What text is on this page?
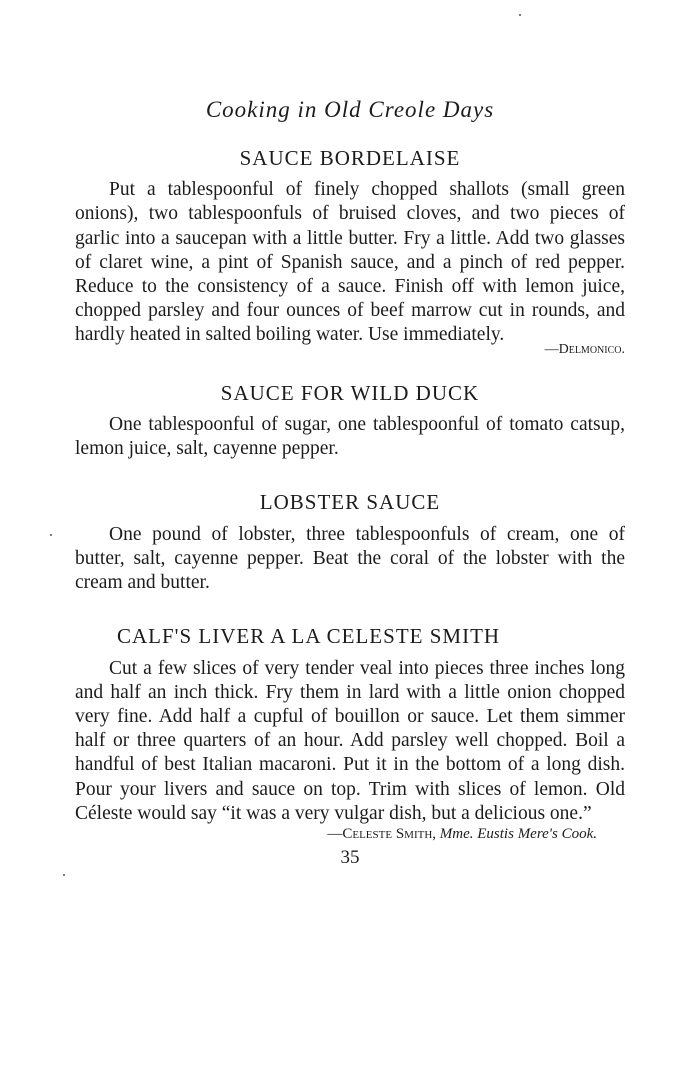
Cooking in Old Creole Days
SAUCE BORDELAISE

Put a tablespoonful of finely chopped shallots (small green onions), two tablespoonfuls of bruised cloves, and two pieces of garlic into a saucepan with a little butter. Fry a little. Add two glasses of claret wine, a pint of Spanish sauce, and a pinch of red pepper. Reduce to the consistency of a sauce. Finish off with lemon juice, chopped parsley and four ounces of beef marrow cut in rounds, and hardly heated in salted boiling water. Use immediately.

—Delmonico.
SAUCE FOR WILD DUCK

One tablespoonful of sugar, one tablespoonful of tomato catsup, lemon juice, salt, cayenne pepper.

LOBSTER SAUCE

One pound of lobster, three tablespoonfuls of cream, one of butter, salt, cayenne pepper. Beat the coral of the lobster with the cream and butter.

CALF'S LIVER A LA CELESTE SMITH

Cut a few slices of very tender veal into pieces three inches long and half an inch thick. Fry them in lard with a little onion chopped very fine. Add half a cupful of bouillon or sauce. Let them simmer half or three quarters of an hour. Add parsley well chopped. Boil a handful of best Italian macaroni. Put it in the bottom of a long dish. Pour your livers and sauce on top. Trim with slices of lemon. Old Céleste would say “it was a very vulgar dish, but a delicious one.”

—Celeste Smith, Mme. Eustis Mere's Cook.
35
